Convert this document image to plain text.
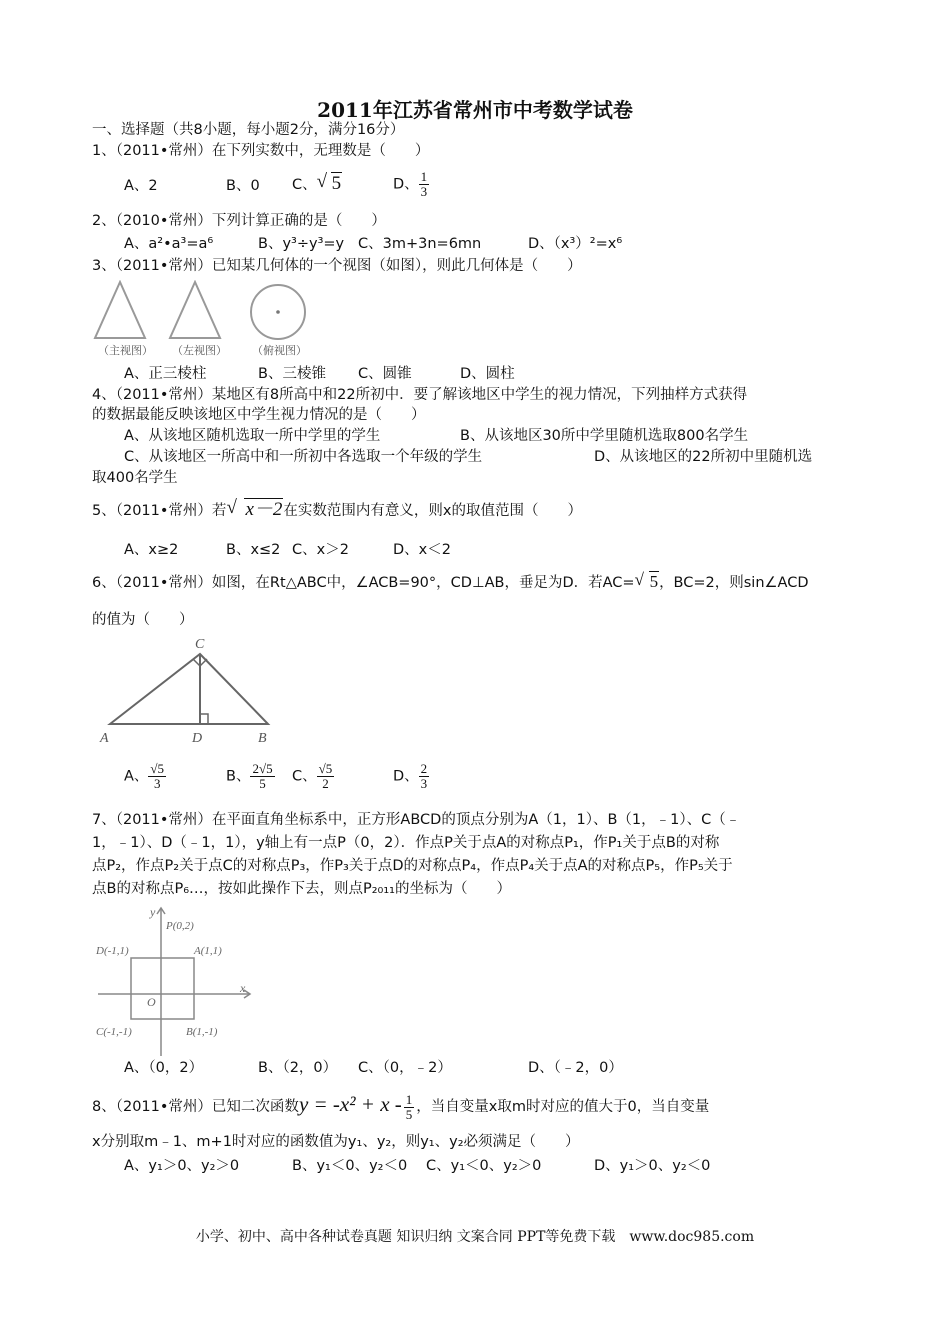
2011年江苏省常州市中考数学试卷
一、选择题（共8小题，每小题2分，满分16分）
1、（2011•常州）在下列实数中，无理数是（　　）
A、2	B、0 C、 √ 5	D、 $\frac{1}{3}$
2、（2010•常州）下列计算正确的是（　　）
A、a²•a³=a⁶	B、y³÷y³=y C、3m+3n=6mn	D、（x³）²=x⁶
3、（2011•常州）已知某几何体的一个视图（如图），则此几何体是（　　）
（主视图） （左视图） （俯视图）
A、正三棱柱	B、三棱锥 C、圆锥	D、圆柱
4、（2011•常州）某地区有8所高中和22所初中．要了解该地区中学生的视力情况，下列抽样方式获得
的数据最能反映该地区中学生视力情况的是（　　）
A、从该地区随机选取一所中学里的学生	B、从该地区30所中学里随机选取800名学生
C、从该地区一所高中和一所初中各选取一个年级的学生	D、从该地区的22所初中里随机选
取400名学生
5、（2011•常州）若 √ x－2在实数范围内有意义，则x的取值范围（　　）
A、x≥2	B、x≤2 C、x＞2	D、x＜2
6、（2011•常州）如图，在Rt△ABC中，∠ACB=90°，CD⊥AB，垂足为D．若AC= √ 5，BC=2，则sin∠ACD
的值为（　　）
C
A	D	B
A、 $\frac{√5}{3}$	B、 $\frac{2√5}{5}$ C、 $\frac{√5}{2}$	D、 $\frac{2}{3}$
7、（2011•常州）在平面直角坐标系中，正方形ABCD的顶点分别为A（1，1）、B（1，﹣1）、C（﹣
1，﹣1）、D（﹣1，1），y轴上有一点P（0，2）．作点P关于点A的对称点P₁，作P₁关于点B的对称
点P₂，作点P₂关于点C的对称点P₃，作P₃关于点D的对称点P₄，作点P₄关于点A的对称点P₅，作P₅关于
点B的对称点P₆…，按如此操作下去，则点P₂₀₁₁的坐标为（　　）
y
P(0,2)
D(-1,1)	A(1,1)
O
x
C(-1,-1)	B(1,-1)
A、（0，2）	B、（2，0） C、（0，﹣2）	D、（﹣2，0）
8、（2011•常州）已知二次函数$y = -x^2 + x - \frac{1}{5}$ ，当自变量x取m时对应的值大于0，当自变量
x分别取m﹣1、m+1时对应的函数值为y₁、y₂，则y₁、y₂必须满足（　　）
A、y₁＞0、y₂＞0	B、y₁＜0、y₂＜0 C、y₁＜0、y₂＞0	D、y₁＞0、y₂＜0
小学、初中、高中各种试卷真题 知识归纳 文案合同 PPT等免费下载　www.doc985.com
